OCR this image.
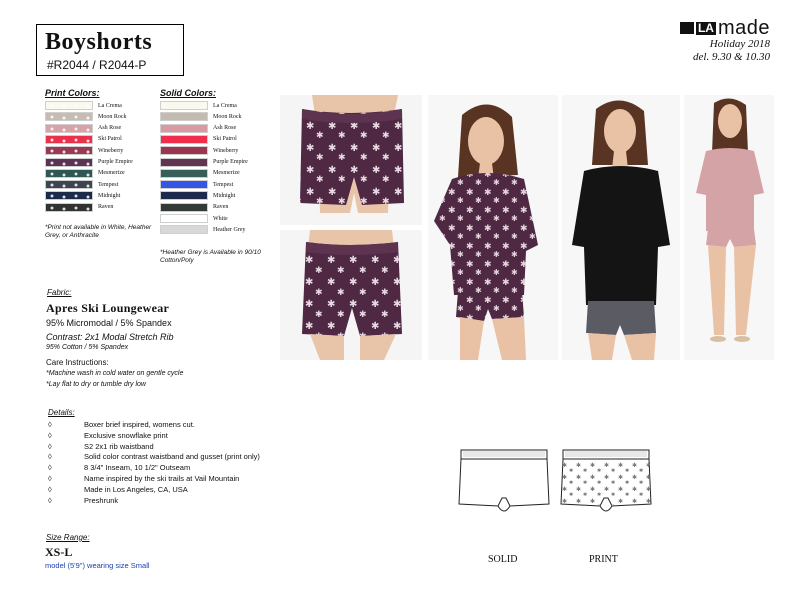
Boyshorts
#R2044 / R2044-P
LA made
Holiday 2018
del. 9.30 & 10.30
Print Colors:
La Crema
Moon Rock
Ash Rose
Ski Patrol
Wineberry
Purple Empire
Mesmerize
Tempest
Midnight
Raven
*Print not available in White, Heather Grey, or Anthracite
Solid Colors:
La Crema
Moon Rock
Ash Rose
Ski Patrol
Wineberry
Purple Empire
Mesmerize
Tempest
Midnight
Raven
White
Heather Grey
*Heather Grey is Available in 90/10 Cotton/Poly
Fabric:
Apres Ski Loungewear
95% Micromodal / 5% Spandex
Contrast: 2x1 Modal Stretch Rib
95% Cotton / 5% Spandex
Care Instructions:
*Machine wash in cold water on gentle cycle
*Lay flat to dry or tumble dry low
Details:
◊	Boxer brief inspired, womens cut.
◊	Exclusive snowflake print
◊	S2 2x1 rib waistband
◊	Solid color contrast waistband and gusset (print only)
◊	8 3/4" Inseam, 10 1/2" Outseam
◊	Name inspired by the ski trails at Vail Mountain
◊	Made in Los Angeles, CA, USA
◊	Preshrunk
Size Range:
XS-L
model (5'9") wearing size Small
SOLID	PRINT
